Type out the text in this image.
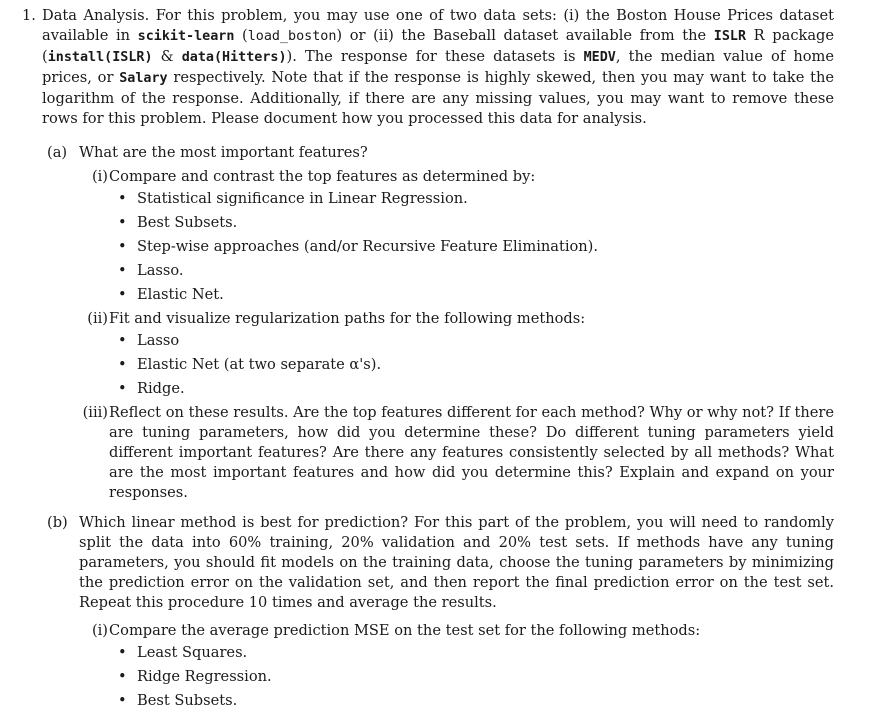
1. Data Analysis. For this problem, you may use one of two data sets: (i) the Boston House Prices dataset available in scikit-learn (load_boston) or (ii) the Baseball dataset available from the ISLR R package (install(ISLR) & data(Hitters)). The response for these datasets is MEDV, the median value of home prices, or Salary respectively. Note that if the response is highly skewed, then you may want to take the logarithm of the response. Additionally, if there are any missing values, you may want to remove these rows for this problem. Please document how you processed this data for analysis.
(a) What are the most important features?
(i) Compare and contrast the top features as determined by:
• Statistical significance in Linear Regression.
• Best Subsets.
• Step-wise approaches (and/or Recursive Feature Elimination).
• Lasso.
• Elastic Net.
(ii) Fit and visualize regularization paths for the following methods:
• Lasso
• Elastic Net (at two separate α's).
• Ridge.
(iii) Reflect on these results. Are the top features different for each method? Why or why not? If there are tuning parameters, how did you determine these? Do different tuning parameters yield different important features? Are there any features consistently selected by all methods? What are the most important features and how did you determine this? Explain and expand on your responses.
(b) Which linear method is best for prediction? For this part of the problem, you will need to randomly split the data into 60% training, 20% validation and 20% test sets. If methods have any tuning parameters, you should fit models on the training data, choose the tuning parameters by minimizing the prediction error on the validation set, and then report the final prediction error on the test set. Repeat this procedure 10 times and average the results.
(i) Compare the average prediction MSE on the test set for the following methods:
• Least Squares.
• Ridge Regression.
• Best Subsets.
